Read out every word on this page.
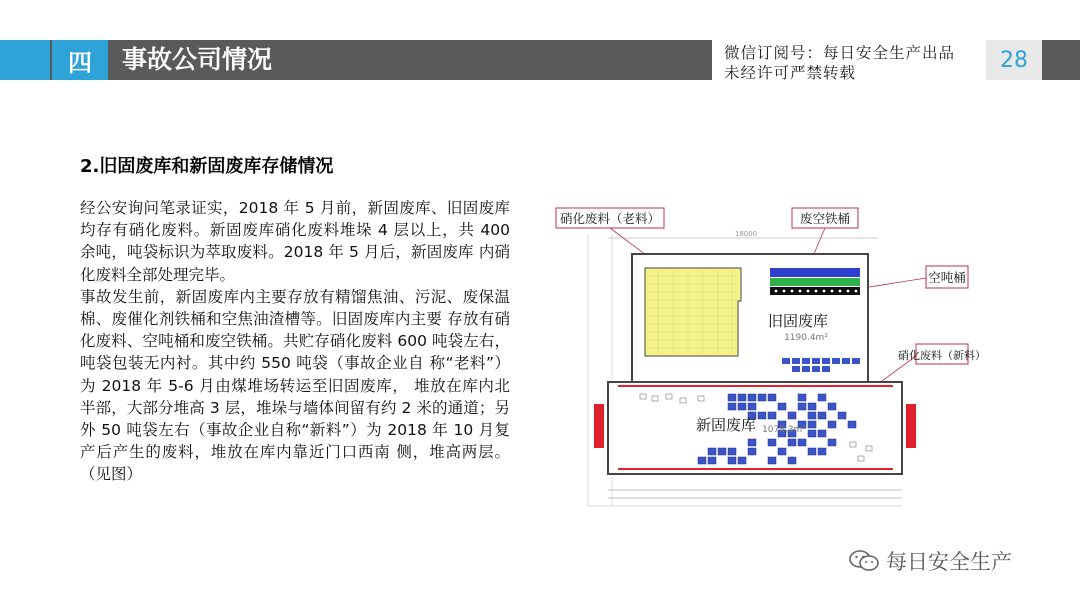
四	事故公司情况	微信订阅号：每日安全生产出品
未经许可严禁转载
28
2.旧固废库和新固废库存储情况

经公安询问笔录证实，2018 年 5 月前，新固废库、旧固废库均存有硝化废料。新固废库硝化废料堆垛 4 层以上，共 400 余吨，吨袋标识为萃取废料。2018 年 5 月后，新固废库 内硝化废料全部处理完毕。

事故发生前，新固废库内主要存放有精馏焦油、污泥、废保温棉、废催化剂铁桶和空焦油渣槽等。旧固废库内主要 存放有硝化废料、空吨桶和废空铁桶。共贮存硝化废料 600 吨袋左右，吨袋包装无内衬。其中约 550 吨袋（事故企业自 称“老料”）为 2018 年 5-6 月由煤堆场转运至旧固废库， 堆放在库内北半部，大部分堆高 3 层，堆垛与墙体间留有约 2 米的通道；另外 50 吨袋左右（事故企业自称“新料”）为 2018 年 10 月复产后产生的废料，堆放在库内靠近门口西南 侧，堆高两层。（见图）

硝化废料（老料）	废空铁桶
空吨桶
硝化废料（新料）
18000
旧固废库
1190.4m²
新固废库 1078.3m²
每日安全生产
